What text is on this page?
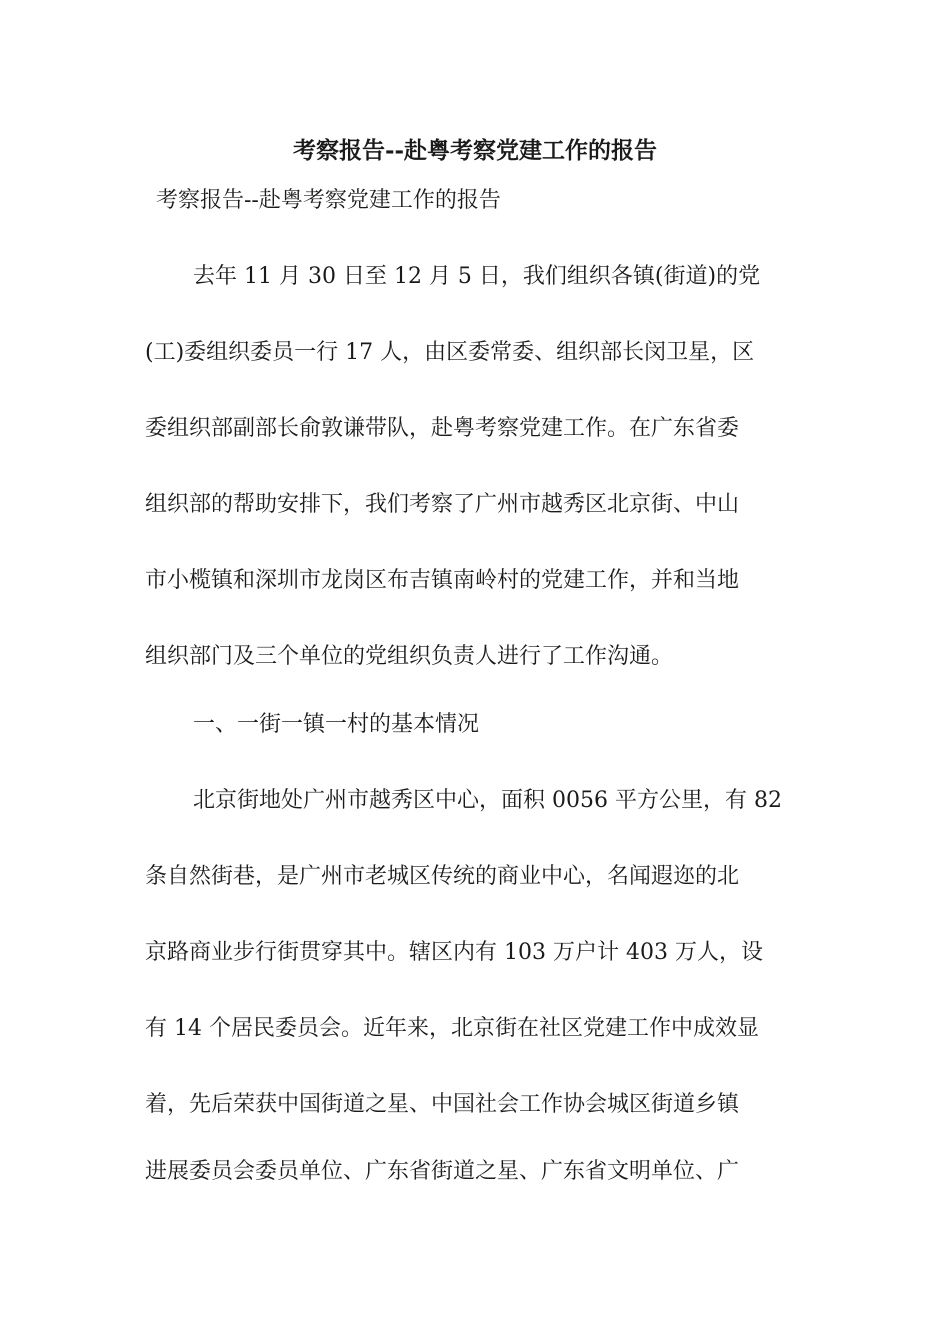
考察报告--赴粤考察党建工作的报告
考察报告--赴粤考察党建工作的报告
去年 11 月 30 日至 12 月 5 日，我们组织各镇(街道)的党
(工)委组织委员一行 17 人，由区委常委、组织部长闵卫星，区
委组织部副部长俞敦谦带队，赴粤考察党建工作。在广东省委
组织部的帮助安排下，我们考察了广州市越秀区北京街、中山
市小榄镇和深圳市龙岗区布吉镇南岭村的党建工作，并和当地
组织部门及三个单位的党组织负责人进行了工作沟通。
一、一街一镇一村的基本情况
北京街地处广州市越秀区中心，面积 0056 平方公里，有 82
条自然街巷，是广州市老城区传统的商业中心，名闻遐迩的北
京路商业步行街贯穿其中。辖区内有 103 万户计 403 万人，设
有 14 个居民委员会。近年来，北京街在社区党建工作中成效显
着，先后荣获中国街道之星、中国社会工作协会城区街道乡镇
进展委员会委员单位、广东省街道之星、广东省文明单位、广
